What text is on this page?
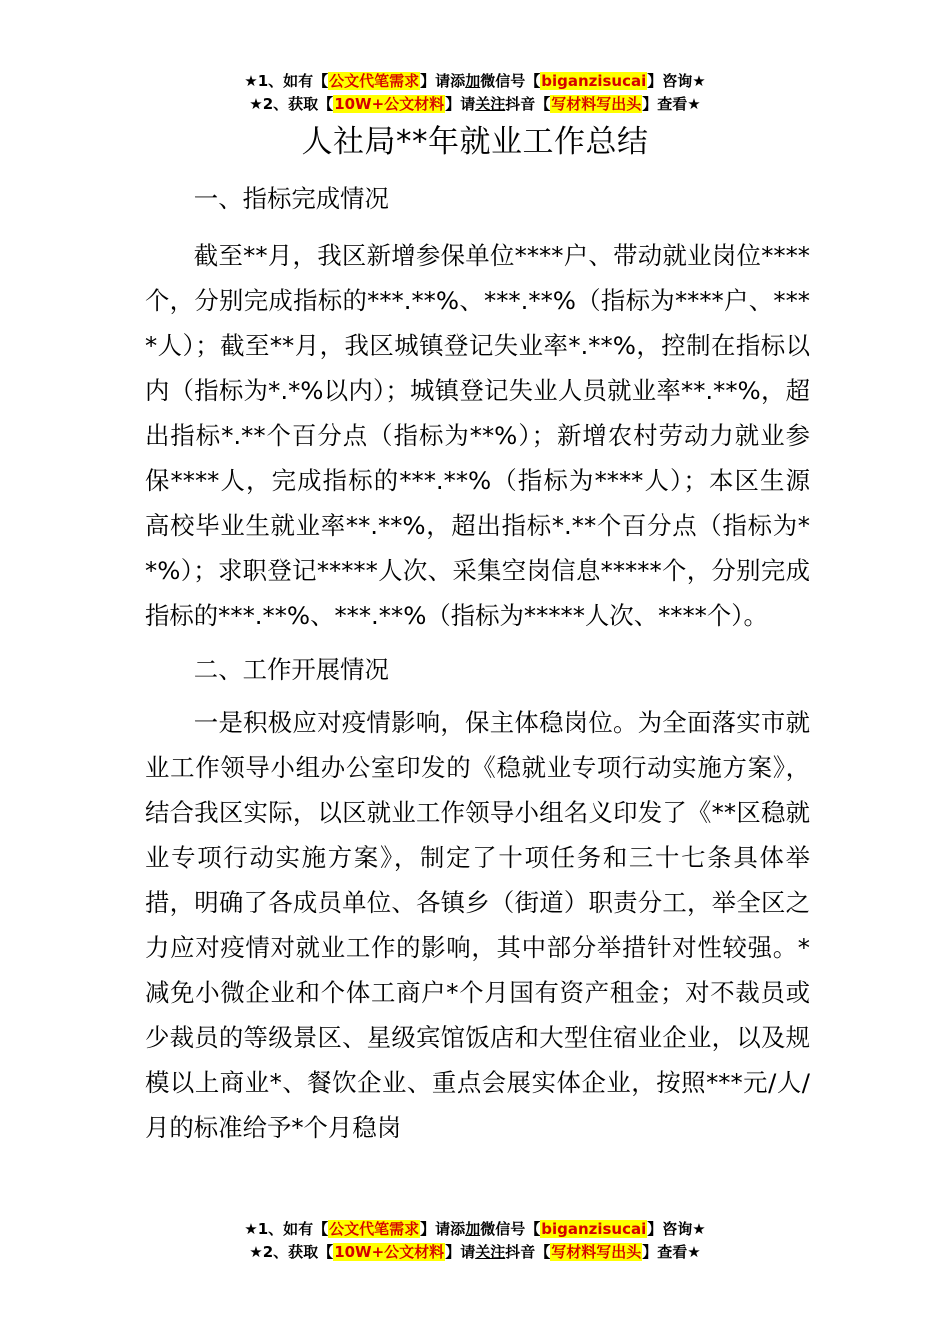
★1、如有【公文代笔需求】请添加微信号【biganzisucai】咨询★
★2、获取【10W+公文材料】请关注抖音【写材料写出头】查看★
人社局**年就业工作总结

一、指标完成情况

截至**月，我区新增参保单位****户、带动就业岗位****个，分别完成指标的***.**%、***.**%（指标为****户、****人）；截至**月，我区城镇登记失业率*.**%，控制在指标以内（指标为*.*%以内）；城镇登记失业人员就业率**.**%，超出指标*.**个百分点（指标为**%）；新增农村劳动力就业参保****人，完成指标的***.**%（指标为****人）；本区生源高校毕业生就业率**.**%，超出指标*.**个百分点（指标为**%）；求职登记*****人次、采集空岗信息*****个，分别完成指标的***.**%、***.**%（指标为*****人次、****个）。

二、工作开展情况

一是积极应对疫情影响，保主体稳岗位。为全面落实市就业工作领导小组办公室印发的《稳就业专项行动实施方案》，结合我区实际，以区就业工作领导小组名义印发了《**区稳就业专项行动实施方案》，制定了十项任务和三十七条具体举措，明确了各成员单位、各镇乡（街道）职责分工，举全区之力应对疫情对就业工作的影响，其中部分举措针对性较强。*减免小微企业和个体工商户*个月国有资产租金；对不裁员或少裁员的等级景区、星级宾馆饭店和大型住宿业企业，以及规模以上商业*、餐饮企业、重点会展实体企业，按照***元/人/月的标准给予*个月稳岗

★1、如有【公文代笔需求】请添加微信号【biganzisucai】咨询★
★2、获取【10W+公文材料】请关注抖音【写材料写出头】查看★
